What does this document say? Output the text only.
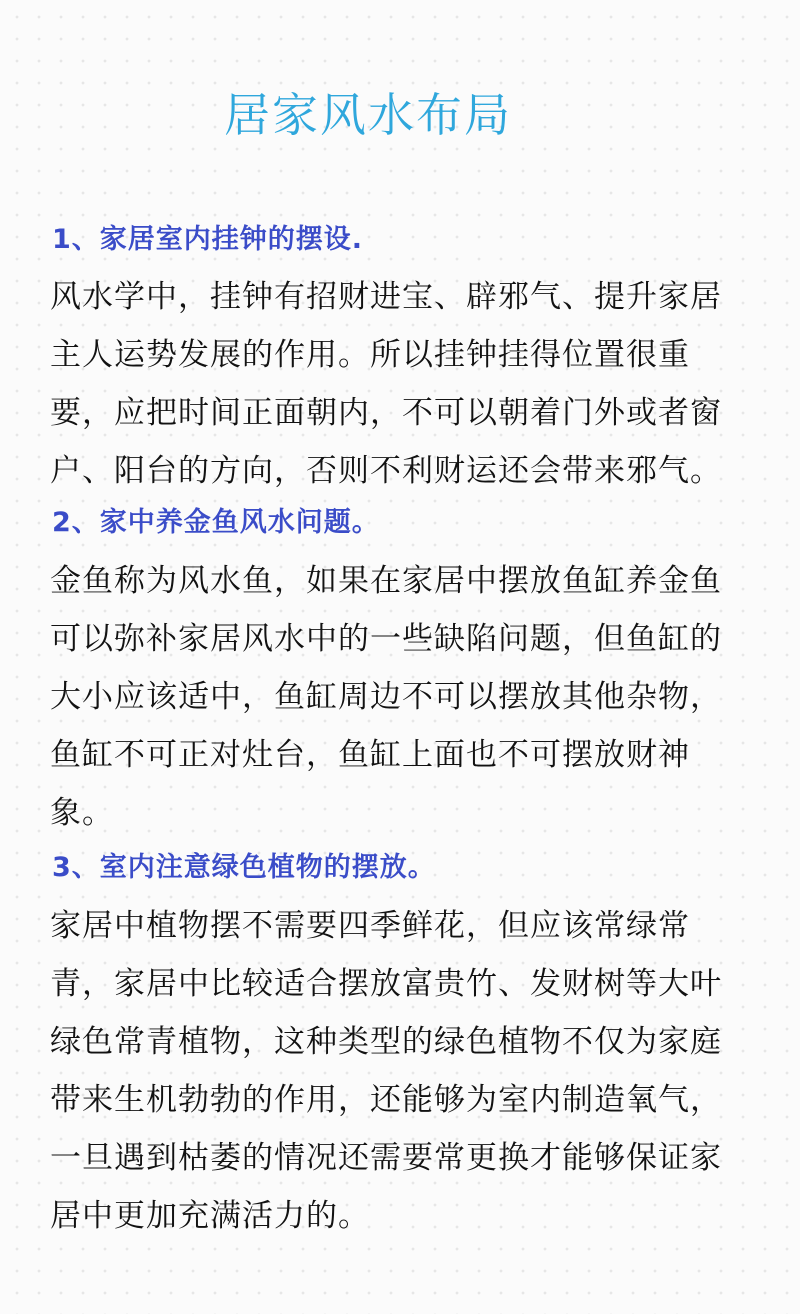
居家风水布局
1、家居室内挂钟的摆设.
风水学中，挂钟有招财进宝、辟邪气、提升家居
主人运势发展的作用。所以挂钟挂得位置很重
要，应把时间正面朝内，不可以朝着门外或者窗
户、阳台的方向，否则不利财运还会带来邪气。
2、家中养金鱼风水问题。
金鱼称为风水鱼，如果在家居中摆放鱼缸养金鱼
可以弥补家居风水中的一些缺陷问题，但鱼缸的
大小应该适中，鱼缸周边不可以摆放其他杂物，
鱼缸不可正对灶台，鱼缸上面也不可摆放财神
象。
3、室内注意绿色植物的摆放。
家居中植物摆不需要四季鲜花，但应该常绿常
青，家居中比较适合摆放富贵竹、发财树等大叶
绿色常青植物，这种类型的绿色植物不仅为家庭
带来生机勃勃的作用，还能够为室内制造氧气，
一旦遇到枯萎的情况还需要常更换才能够保证家
居中更加充满活力的。
